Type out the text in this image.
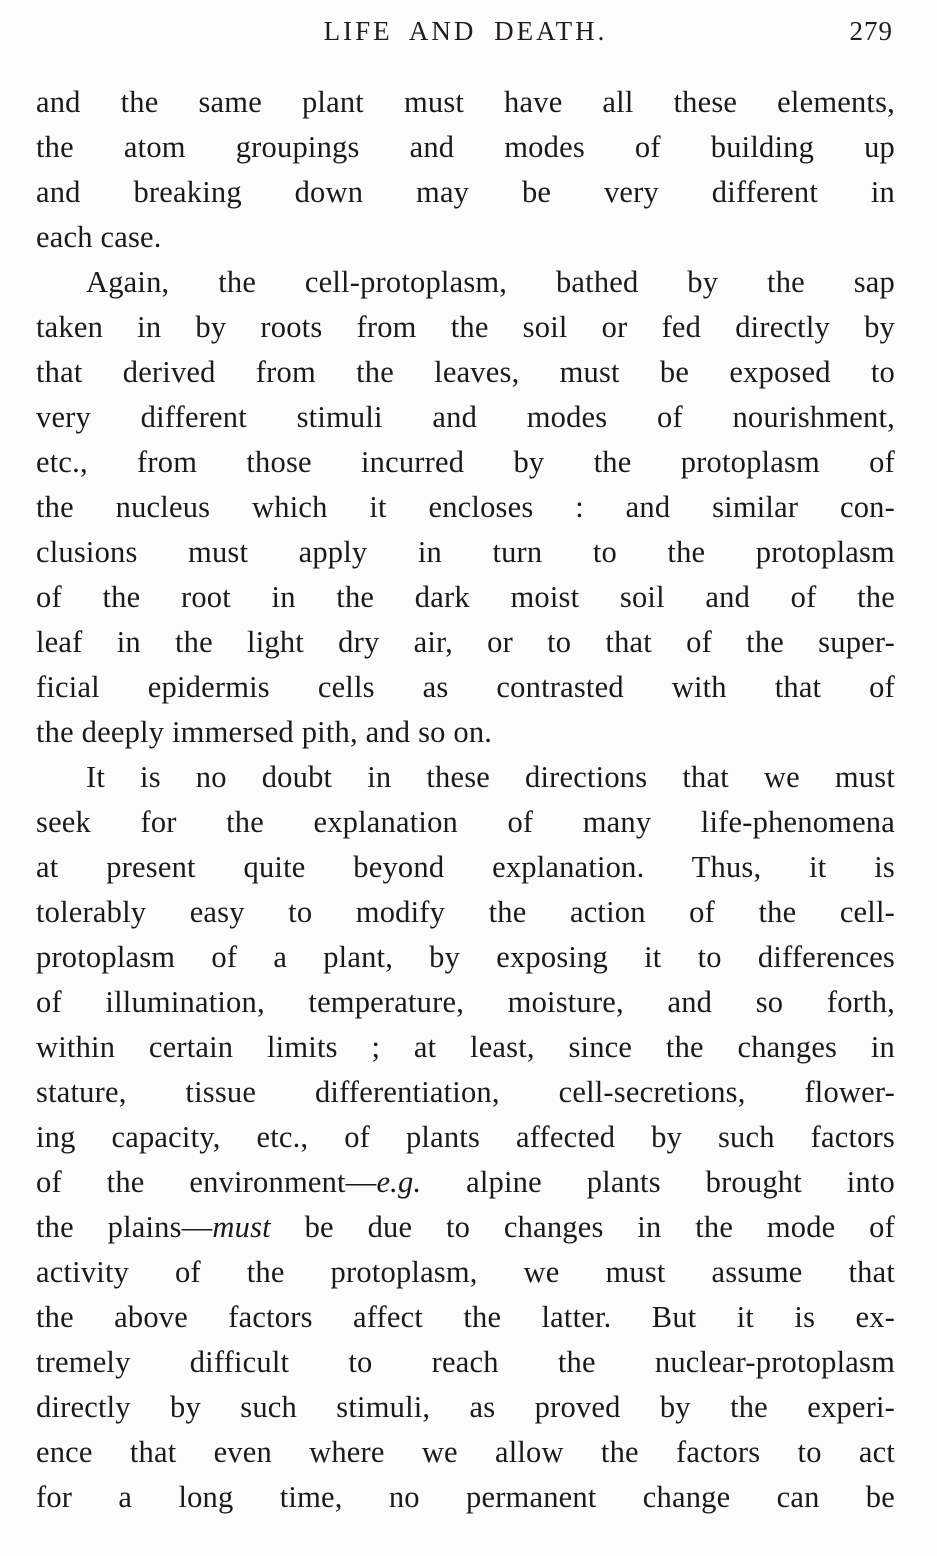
LIFE AND DEATH.	279
and the same plant must have all these elements,
the atom groupings and modes of building up
and breaking down may be very different in
each case.
Again, the cell-protoplasm, bathed by the sap
taken in by roots from the soil or fed directly by
that derived from the leaves, must be exposed to
very different stimuli and modes of nourishment,
etc., from those incurred by the protoplasm of
the nucleus which it encloses : and similar con-
clusions must apply in turn to the protoplasm
of the root in the dark moist soil and of the
leaf in the light dry air, or to that of the super-
ficial epidermis cells as contrasted with that of
the deeply immersed pith, and so on.
It is no doubt in these directions that we must
seek for the explanation of many life-phenomena
at present quite beyond explanation. Thus, it is
tolerably easy to modify the action of the cell-
protoplasm of a plant, by exposing it to differences
of illumination, temperature, moisture, and so forth,
within certain limits ; at least, since the changes in
stature, tissue differentiation, cell-secretions, flower-
ing capacity, etc., of plants affected by such factors
of the environment—e.g. alpine plants brought into
the plains—must be due to changes in the mode of
activity of the protoplasm, we must assume that
the above factors affect the latter. But it is ex-
tremely difficult to reach the nuclear-protoplasm
directly by such stimuli, as proved by the experi-
ence that even where we allow the factors to act
for a long time, no permanent change can be
